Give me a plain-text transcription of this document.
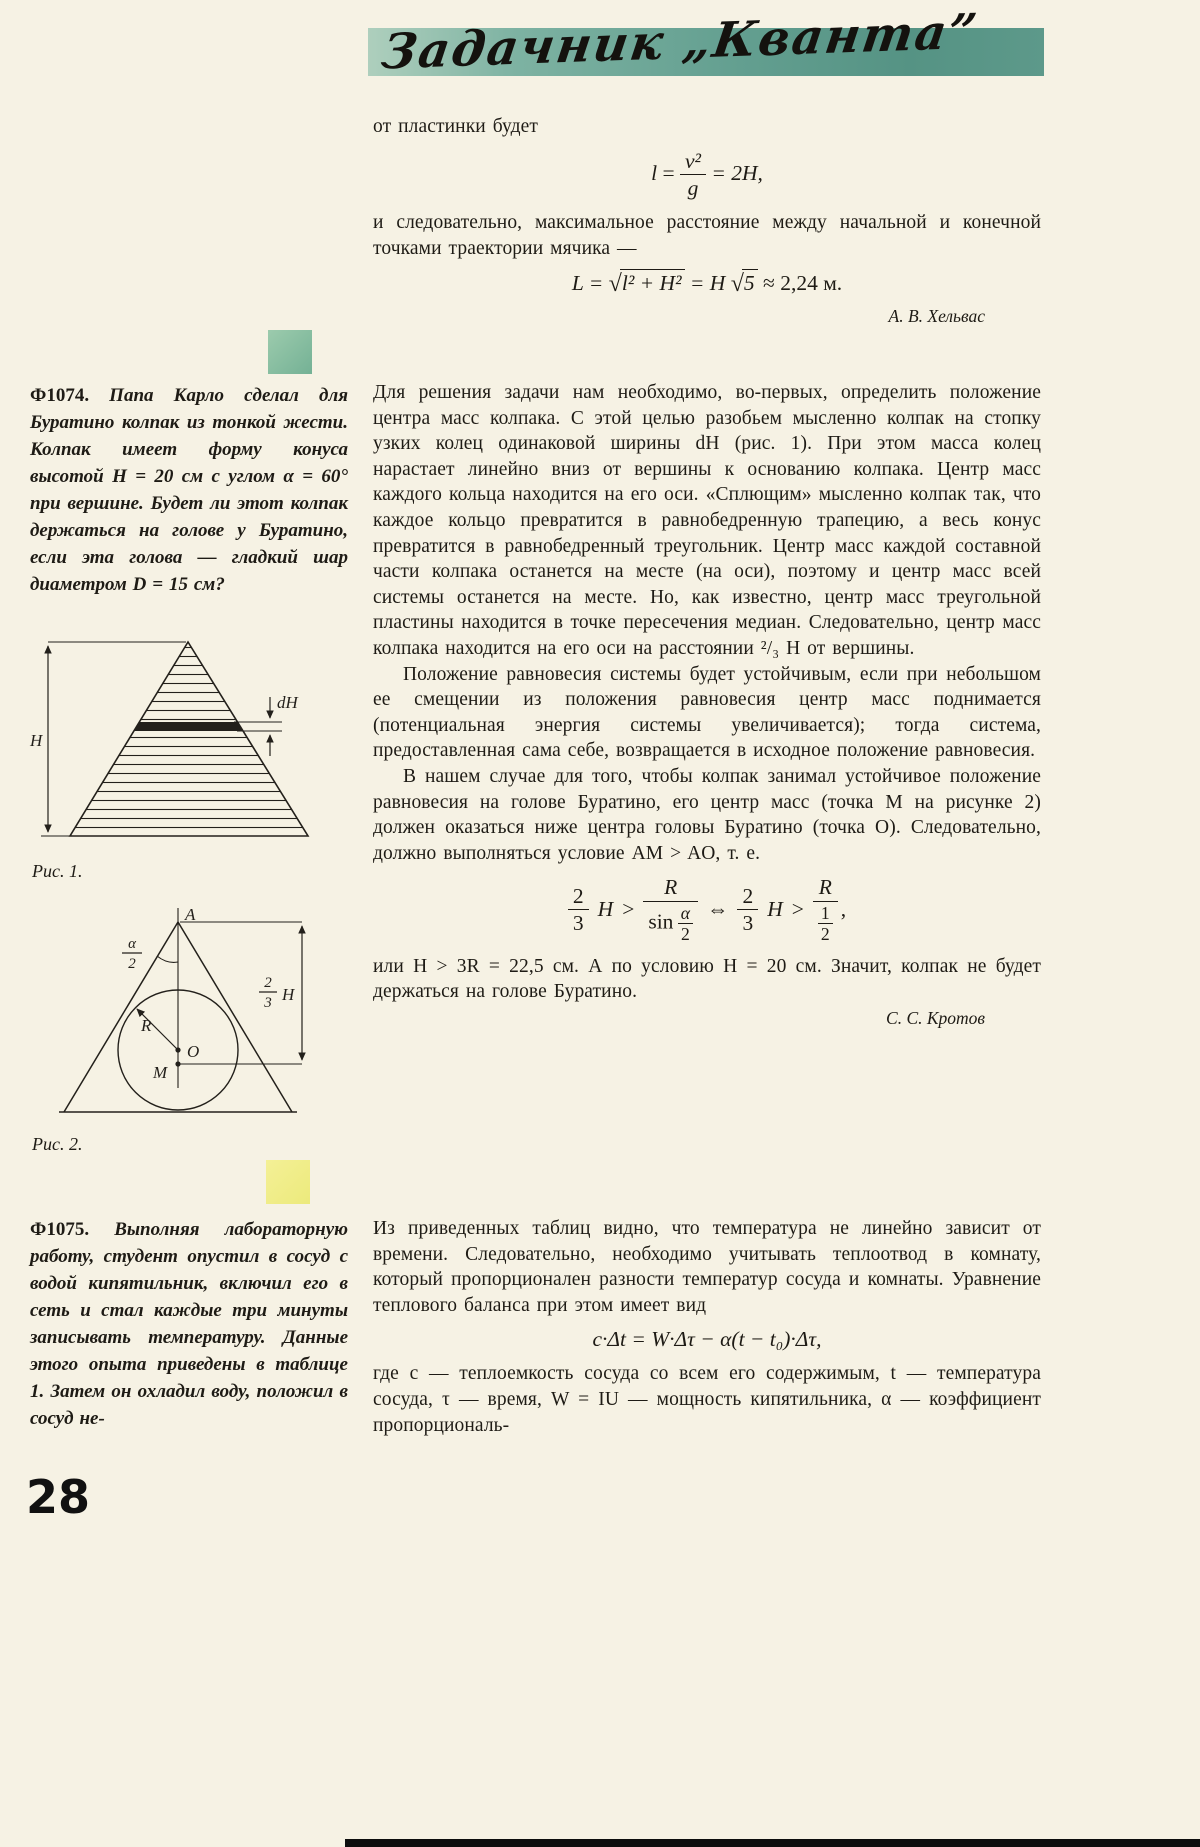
Задачник „Кванта”

от пластинки будет

$l = \frac{\text{v²}}{g} = 2H$,

и следовательно, максимальное расстояние между начальной и конечной точками траектории мячика —

L = √l² + H² = H √5 ≈ 2,24 м.
А. В. Хельвас

Ф1074. Папа Карло сделал для Буратино колпак из тонкой жести. Колпак имеет форму конуса высотой H = 20 см с углом α = 60° при вершине. Будет ли этот колпак держаться на голове у Буратино, если эта голова — гладкий шар диаметром D = 15 см?

H
dH
Рис. 1.
A
α
2
R
O
M
2
3 H
Рис. 2.

Ф1075. Выполняя лабораторную работу, студент опустил в сосуд с водой кипятильник, включил его в сеть и стал каждые три минуты записывать температуру. Данные этого опыта приведены в таблице 1. Затем он охладил воду, положил в сосуд не-

Для решения задачи нам необходимо, во-первых, определить положение центра масс колпака. С этой целью разобьем мысленно колпак на стопку узких колец одинаковой ширины dH (рис. 1). При этом масса колец нарастает линейно вниз от вершины к основанию колпака. Центр масс каждого кольца находится на его оси. «Сплющим» мысленно колпак так, что каждое кольцо превратится в равнобедренную трапецию, а весь конус превратится в равнобедренный треугольник. Центр масс каждой составной части колпака останется на месте (на оси), поэтому и центр масс всей системы останется на месте. Но, как известно, центр масс треугольной пластины находится в точке пересечения медиан. Следовательно, центр масс колпака находится на его оси на расстоянии ²/₃ H от вершины.

Положение равновесия системы будет устойчивым, если при небольшом ее смещении из положения равновесия центр масс поднимается (потенциальная энергия системы увеличивается); тогда система, предоставленная сама себе, возвращается в исходное положение равновесия.

В нашем случае для того, чтобы колпак занимал устойчивое положение равновесия на голове Буратино, его центр масс (точка M на рисунке 2) должен оказаться ниже центра головы Буратино (точка O). Следовательно, должно выполняться условие AM > AO, т. е.

$\frac{2}{3}$ $H > \frac{R}{\sin \frac{\alpha}{2}}$ ⇔ $\frac{2}{3}$ $H > \frac{R}{\frac{1}{2}}$ ,

или H > 3R = 22,5 см. А по условию H = 20 см. Значит, колпак не будет держаться на голове Буратино.

С. С. Кротов

Из приведенных таблиц видно, что температура не линейно зависит от времени. Следовательно, необходимо учитывать теплоотвод в комнату, который пропорционален разности температур сосуда и комнаты. Уравнение теплового баланса при этом имеет вид

c·Δt = W·Δτ − α(t − t₀)·Δτ,

где c — теплоемкость сосуда со всем его содержимым, t — температура сосуда, τ — время, W = IU — мощность кипятильника, α — коэффициент пропорциональ-

28
